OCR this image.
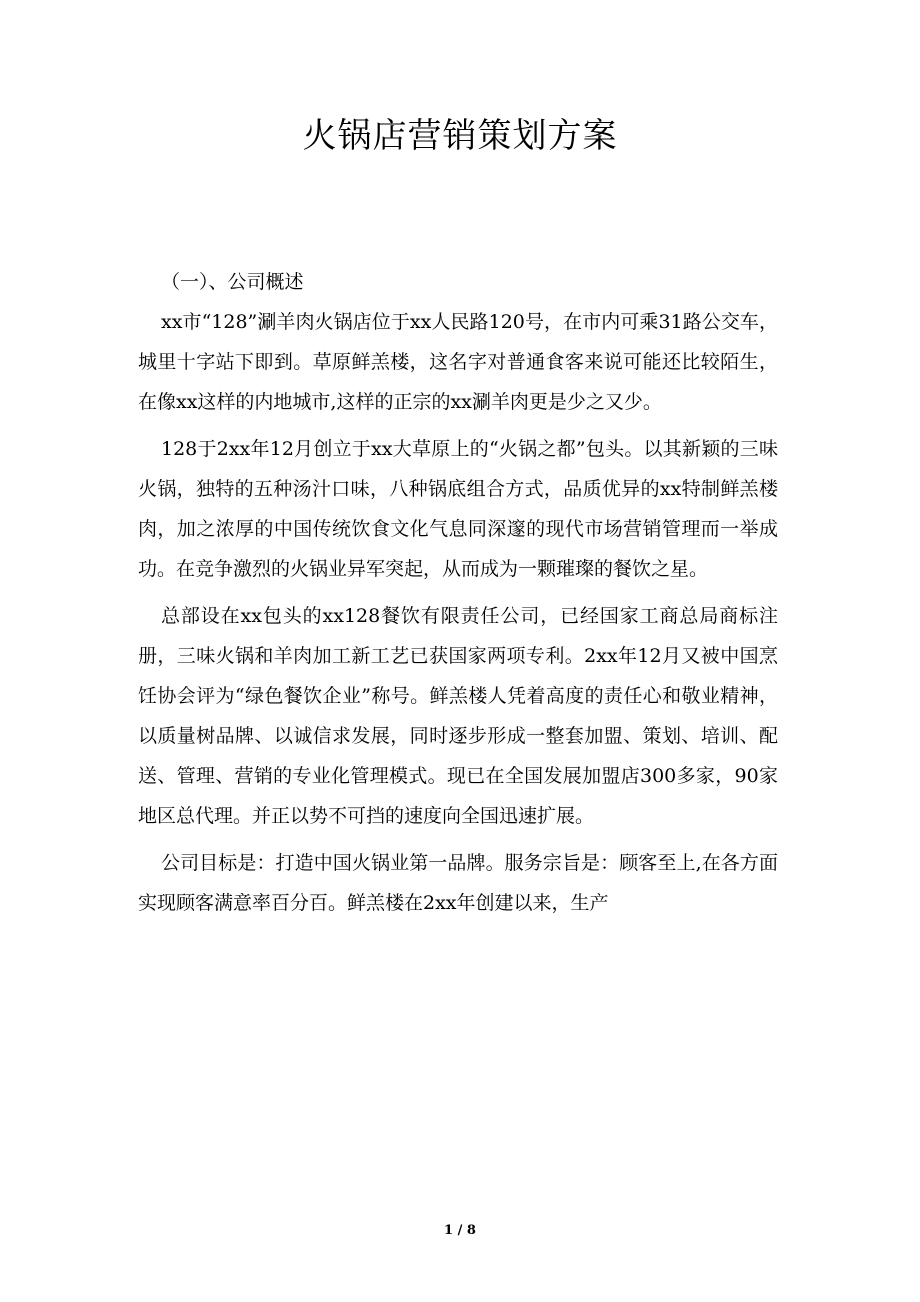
火锅店营销策划方案

（一）、公司概述

xx市“128”涮羊肉火锅店位于xx人民路120号，在市内可乘31路公交车，城里十字站下即到。草原鲜羔楼，这名字对普通食客来说可能还比较陌生，在像xx这样的内地城市,这样的正宗的xx涮羊肉更是少之又少。

128于2xx年12月创立于xx大草原上的“火锅之都”包头。以其新颖的三味火锅，独特的五种汤汁口味，八种锅底组合方式，品质优异的xx特制鲜羔楼肉，加之浓厚的中国传统饮食文化气息同深邃的现代市场营销管理而一举成功。在竞争激烈的火锅业异军突起，从而成为一颗璀璨的餐饮之星。

总部设在xx包头的xx128餐饮有限责任公司，已经国家工商总局商标注册，三味火锅和羊肉加工新工艺已获国家两项专利。2xx年12月又被中国烹饪协会评为“绿色餐饮企业”称号。鲜羔楼人凭着高度的责任心和敬业精神，以质量树品牌、以诚信求发展，同时逐步形成一整套加盟、策划、培训、配送、管理、营销的专业化管理模式。现已在全国发展加盟店300多家，90家地区总代理。并正以势不可挡的速度向全国迅速扩展。

公司目标是：打造中国火锅业第一品牌。服务宗旨是：顾客至上,在各方面实现顾客满意率百分百。鲜羔楼在2xx年创建以来，生产

1 / 8
